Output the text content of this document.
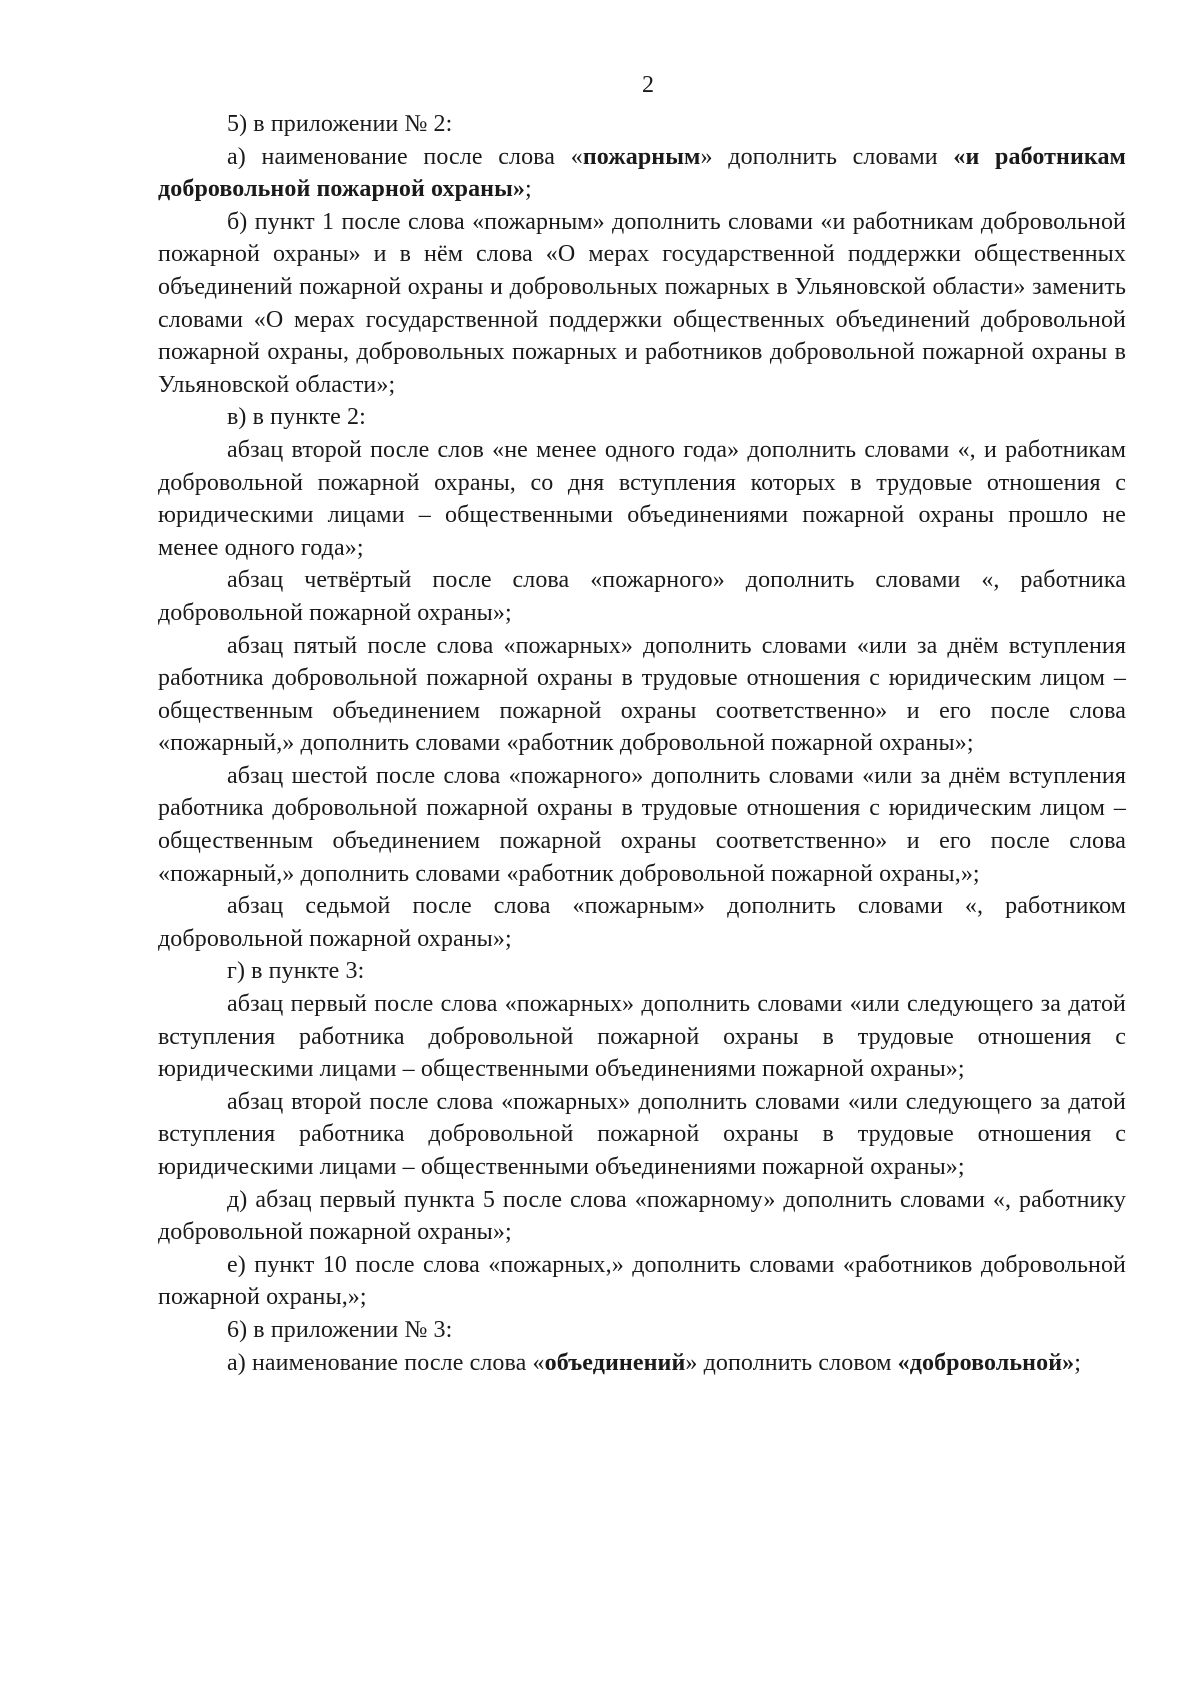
2

5) в приложении № 2:

а) наименование после слова «пожарным» дополнить словами «и работникам добровольной пожарной охраны»;

б) пункт 1 после слова «пожарным» дополнить словами «и работникам добровольной пожарной охраны» и в нём слова «О мерах государственной поддержки общественных объединений пожарной охраны и добровольных пожарных в Ульяновской области» заменить словами «О мерах государственной поддержки общественных объединений добровольной пожарной охраны, добровольных пожарных и работников добровольной пожарной охраны в Ульяновской области»;

в) в пункте 2:

абзац второй после слов «не менее одного года» дополнить словами «, и работникам добровольной пожарной охраны, со дня вступления которых в трудовые отношения с юридическими лицами – общественными объединениями пожарной охраны прошло не менее одного года»;

абзац четвёртый после слова «пожарного» дополнить словами «, работника добровольной пожарной охраны»;

абзац пятый после слова «пожарных» дополнить словами «или за днём вступления работника добровольной пожарной охраны в трудовые отношения с юридическим лицом – общественным объединением пожарной охраны соответственно» и его после слова «пожарный,» дополнить словами «работник добровольной пожарной охраны»;

абзац шестой после слова «пожарного» дополнить словами «или за днём вступления работника добровольной пожарной охраны в трудовые отношения с юридическим лицом – общественным объединением пожарной охраны соответственно» и его после слова «пожарный,» дополнить словами «работник добровольной пожарной охраны,»;

абзац седьмой после слова «пожарным» дополнить словами «, работником добровольной пожарной охраны»;

г) в пункте 3:

абзац первый после слова «пожарных» дополнить словами «или следующего за датой вступления работника добровольной пожарной охраны в трудовые отношения с юридическими лицами – общественными объединениями пожарной охраны»;

абзац второй после слова «пожарных» дополнить словами «или следующего за датой вступления работника добровольной пожарной охраны в трудовые отношения с юридическими лицами – общественными объединениями пожарной охраны»;

д) абзац первый пункта 5 после слова «пожарному» дополнить словами «, работнику добровольной пожарной охраны»;

е) пункт 10 после слова «пожарных,» дополнить словами «работников добровольной пожарной охраны,»;

6) в приложении № 3:

а) наименование после слова «объединений» дополнить словом «добровольной»;
